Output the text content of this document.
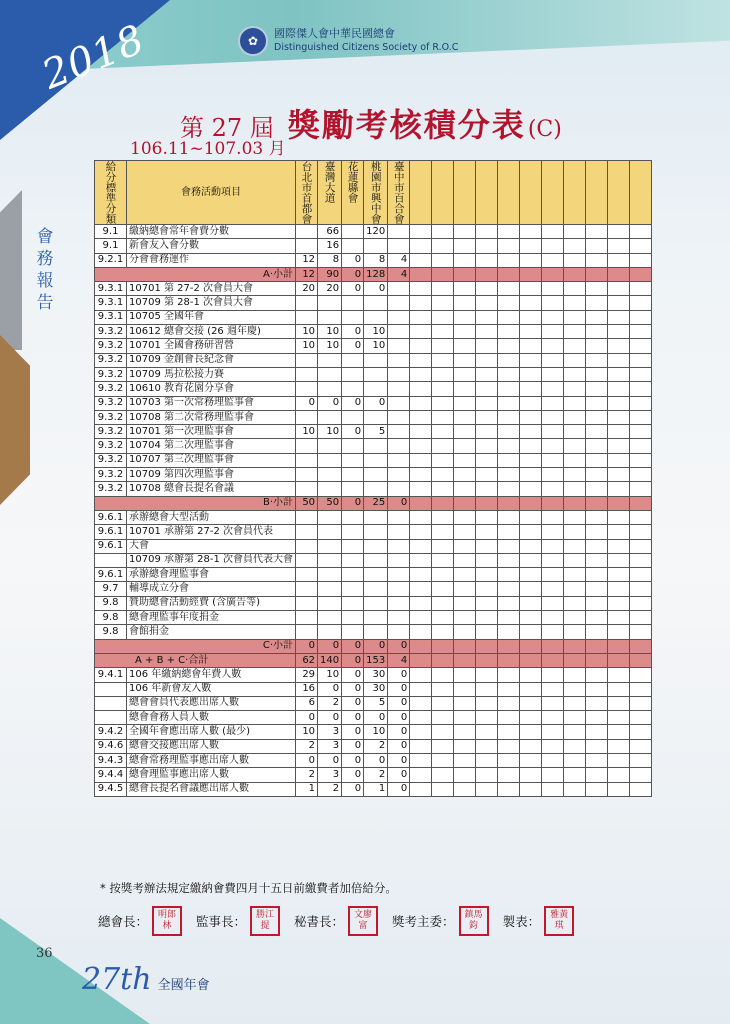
2018	✿
國際傑人會中華民國總會
Distinguished Citizens Society of R.O.C
會務報告
第 27 屆 獎勵考核積分表(C)
106.11~107.03 月
給分標準分類	會務活動項目	台北市首都會	臺灣大道	花蓮縣會	桃園市興中會	臺中市百合會											

9.1	繳納總會常年會費分數		66		120												
9.1	新會友入會分數		16														
9.2.1	分會會務運作	12	8	0	8	4											
A‧小計		12	90	0	128	4											
9.3.1	10701 第 27-2 次會員大會	20	20	0	0												
9.3.1	10709 第 28-1 次會員大會																
9.3.1	10705 全國年會																
9.3.2	10612 總會交接 (26 週年慶)	10	10	0	10												
9.3.2	10701 全國會務研習營	10	10	0	10												
9.3.2	10709 金創會長紀念會																
9.3.2	10709 馬拉松接力賽																
9.3.2	10610 教育花園分享會																
9.3.2	10703 第一次常務理監事會	0	0	0	0												
9.3.2	10708 第二次常務理監事會																
9.3.2	10701 第一次理監事會	10	10	0	5												
9.3.2	10704 第二次理監事會																
9.3.2	10707 第三次理監事會																
9.3.2	10709 第四次理監事會																
9.3.2	10708 總會長提名會議																
B‧小計		50	50	0	25	0											
9.6.1	承辦總會大型活動																
9.6.1	10701 承辦第 27-2 次會員代表																
9.6.1	大會																
	10709 承辦第 28-1 次會員代表大會																
9.6.1	承辦總會理監事會																
9.7	輔導成立分會																
9.8	贊助總會活動經費 (含廣告等)																
9.8	總會理監事年度捐金																
9.8	會館捐金																
C‧小計		0	0	0	0	0											
A + B + C‧合計		62	140	0	153	4											
9.4.1	106 年繳納總會年費人數	29	10	0	30	0											
	106 年新會友入數	16	0	0	30	0											
	總會會員代表應出席人數	6	2	0	5	0											
	總會會務人員人數	0	0	0	0	0											
9.4.2	全國年會應出席人數 (最少)	10	3	0	10	0											
9.4.6	總會交接應出席人數	2	3	0	2	0											
9.4.3	總會常務理監事應出席人數	0	0	0	0	0											
9.4.4	總會理監事應出席人數	2	3	0	2	0											
9.4.5	總會長提名會議應出席人數	1	2	0	1	0											
* 按獎考辦法規定繳納會費四月十五日前繳費者加倍給分。
總會長：	明郎林	監事長：	勝江提	秘書長：	文廖富	獎考主委：	鎮馬鈞	製表：	雅黃琪
36
27th 全國年會
